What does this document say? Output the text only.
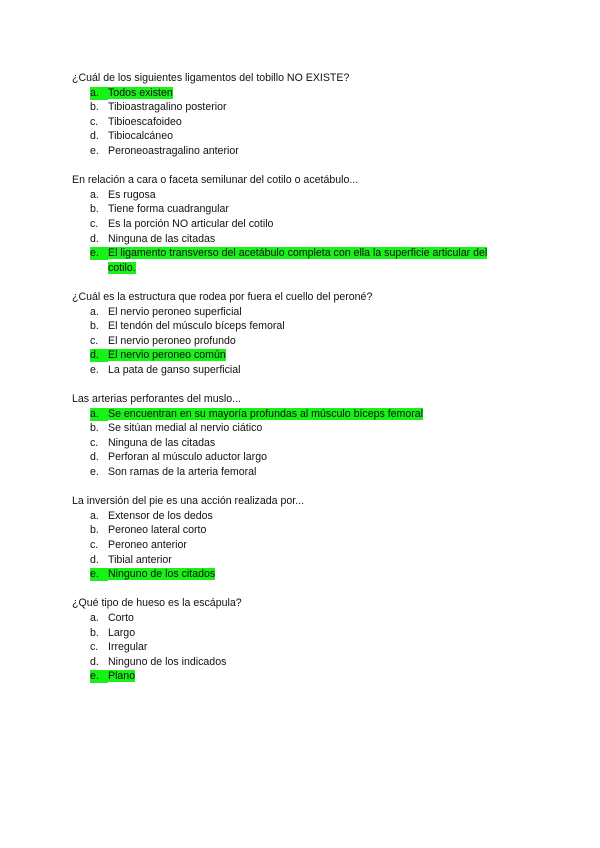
¿Cuál de los siguientes ligamentos del tobillo NO EXISTE?
a. Todos existen
b. Tibioastragalino posterior
c. Tibioescafoideo
d. Tibiocalcáneo
e. Peroneoastragalino anterior
En relación a cara o faceta semilunar del cotilo o acetábulo...
a. Es rugosa
b. Tiene forma cuadrangular
c. Es la porción NO articular del cotilo
d. Ninguna de las citadas
e. El ligamento transverso del acetábulo completa con ella la superficie articular del cotilo.
¿Cuál es la estructura que rodea por fuera el cuello del peroné?
a. El nervio peroneo superficial
b. El tendón del músculo bíceps femoral
c. El nervio peroneo profundo
d. El nervio peroneo común
e. La pata de ganso superficial
Las arterias perforantes del muslo...
a. Se encuentran en su mayoría profundas al músculo bíceps femoral
b. Se sitúan medial al nervio ciático
c. Ninguna de las citadas
d. Perforan al músculo aductor largo
e. Son ramas de la arteria femoral
La inversión del pie es una acción realizada por...
a. Extensor de los dedos
b. Peroneo lateral corto
c. Peroneo anterior
d. Tibial anterior
e. Ninguno de los citados
¿Qué tipo de hueso es la escápula?
a. Corto
b. Largo
c. Irregular
d. Ninguno de los indicados
e. Plano
